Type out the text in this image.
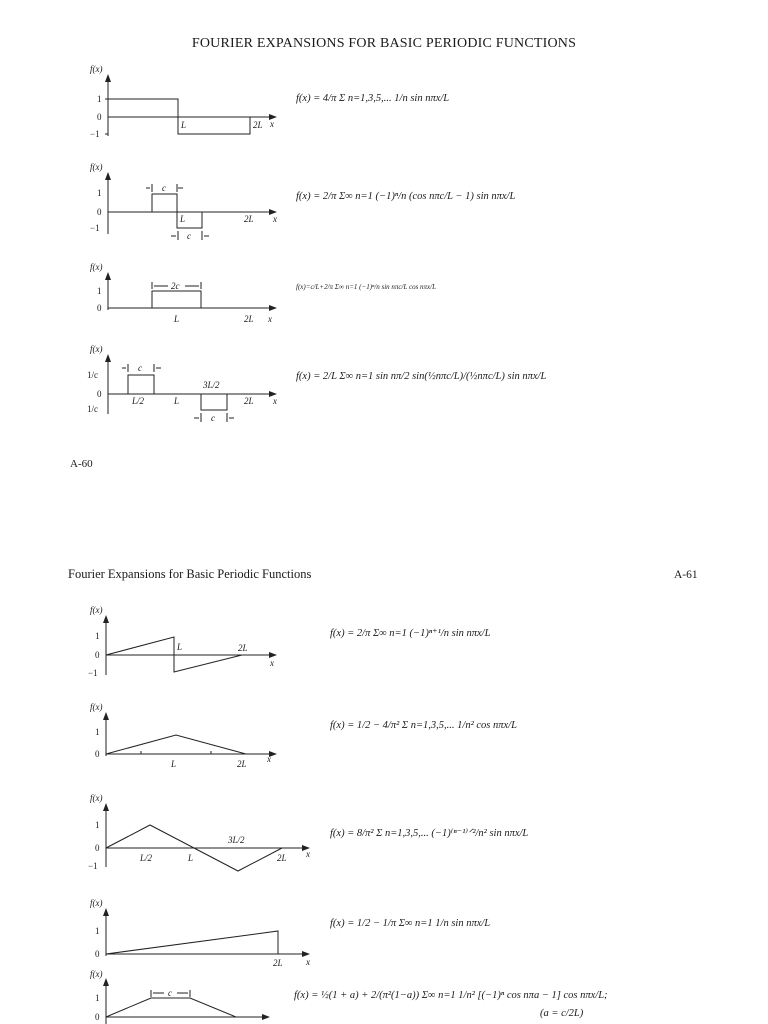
FOURIER EXPANSIONS FOR BASIC PERIODIC FUNCTIONS
f(x)
1
0
−1
L	2L x
f(x) = 4/π Σ n=1,3,5,... 1/n sin nπx/L
f(x)
1
0
−1
c
c
L	2L x
f(x) = 2/π Σ∞ n=1 (−1)ⁿ/n (cos nπc/L − 1) sin nπx/L
f(x)
1
0
2c
L	2L x
f(x)=c/L+2/π Σ∞ n=1 (−1)ⁿ/n sin nπc/L cos nπx/L
f(x)
1/c
0
1/c
c
c
3L/2
L/2	L	2L x
f(x) = 2/L Σ∞ n=1 sin nπ/2 sin(½nπc/L)/(½nπc/L) sin nπx/L
A-60
Fourier Expansions for Basic Periodic Functions	A-61
f(x)
1
0
−1
L	2L
x
f(x) = 2/π Σ∞ n=1 (−1)ⁿ⁺¹/n sin nπx/L
f(x)
1
0
L	2L x
f(x) = 1/2 − 4/π² Σ n=1,3,5,... 1/n² cos nπx/L
f(x)
1
0
−1
L/2	L
3L/2
2L x
f(x) = 8/π² Σ n=1,3,5,... (−1)⁽ⁿ⁻¹⁾ᐟ²/n² sin nπx/L
f(x)
1
0
2L	x
f(x) = 1/2 − 1/π Σ∞ n=1 1/n sin nπx/L
f(x)
1
0
c	f(x) = ½(1 + a) + 2/(π²(1−a)) Σ∞ n=1 1/n² [(−1)ⁿ cos nπa − 1] cos nπx/L;
(a = c/2L)
